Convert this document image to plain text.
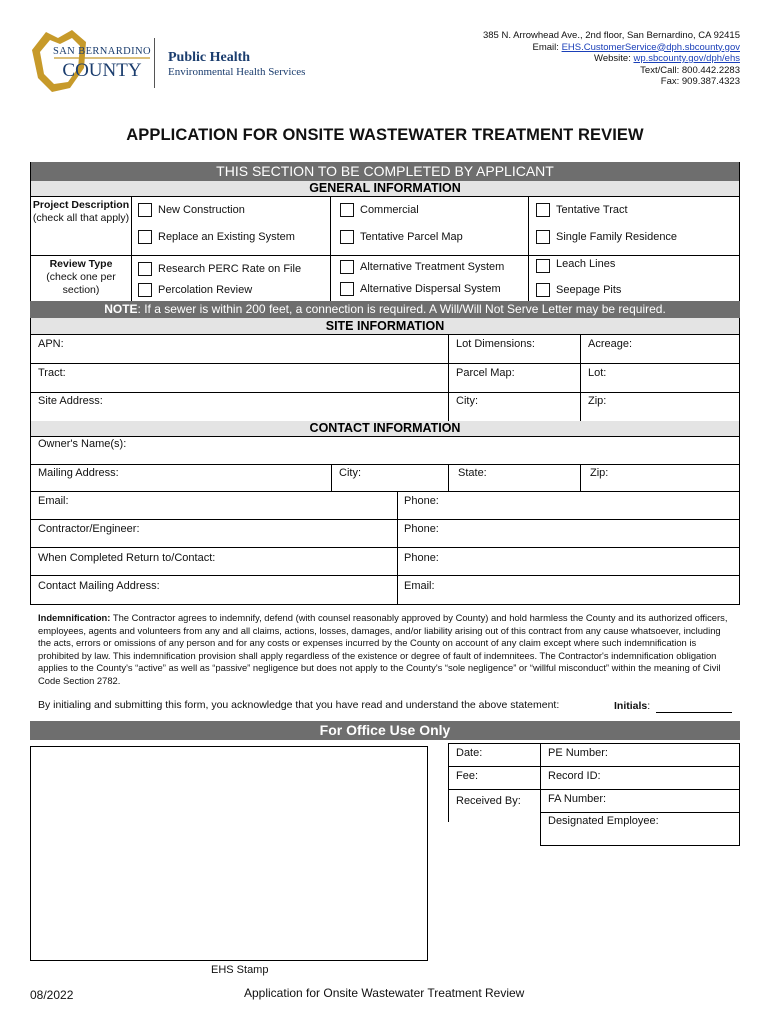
SAN BERNARDINO
COUNTY
Public Health
Environmental Health Services
385 N. Arrowhead Ave., 2nd floor, San Bernardino, CA 92415
Email: EHS.CustomerService@dph.sbcounty.gov
Website: wp.sbcounty.gov/dph/ehs
Text/Call: 800.442.2283
Fax: 909.387.4323
APPLICATION FOR ONSITE WASTEWATER TREATMENT REVIEW
THIS SECTION TO BE COMPLETED BY APPLICANT
GENERAL INFORMATION
Project Description
(check all that apply)
New Construction	Commercial	Tentative Tract
Replace an Existing System	Tentative Parcel Map	Single Family Residence
Review Type
(check one per section)
Research PERC Rate on File	Alternative Treatment System	Leach Lines
Percolation Review	Alternative Dispersal System	Seepage Pits
NOTE: If a sewer is within 200 feet, a connection is required. A Will/Will Not Serve Letter may be required.
SITE INFORMATION
APN:	Lot Dimensions:	Acreage:
Tract:	Parcel Map:	Lot:
Site Address:	City:	Zip:
CONTACT INFORMATION
Owner's Name(s):
Mailing Address:	City:	State:	Zip:
Email:	Phone:
Contractor/Engineer:	Phone:
When Completed Return to/Contact:	Phone:
Contact Mailing Address:	Email:
Indemnification: The Contractor agrees to indemnify, defend (with counsel reasonably approved by County) and hold harmless the County and its authorized officers, employees, agents and volunteers from any and all claims, actions, losses, damages, and/or liability arising out of this contract from any cause whatsoever, including the acts, errors or omissions of any person and for any costs or expenses incurred by the County on account of any claim except where such indemnification is prohibited by law. This indemnification provision shall apply regardless of the existence or degree of fault of indemnitees. The Contractor's indemnification obligation applies to the County's “active” as well as “passive” negligence but does not apply to the County's “sole negligence” or “willful misconduct” within the meaning of Civil Code Section 2782.
By initialing and submitting this form, you acknowledge that you have read and understand the above statement:	Initials:
For Office Use Only
EHS Stamp
Date:	PE Number:
Fee:	Record ID:
Received By: FA Number:
Designated Employee:
08/2022	Application for Onsite Wastewater Treatment Review
